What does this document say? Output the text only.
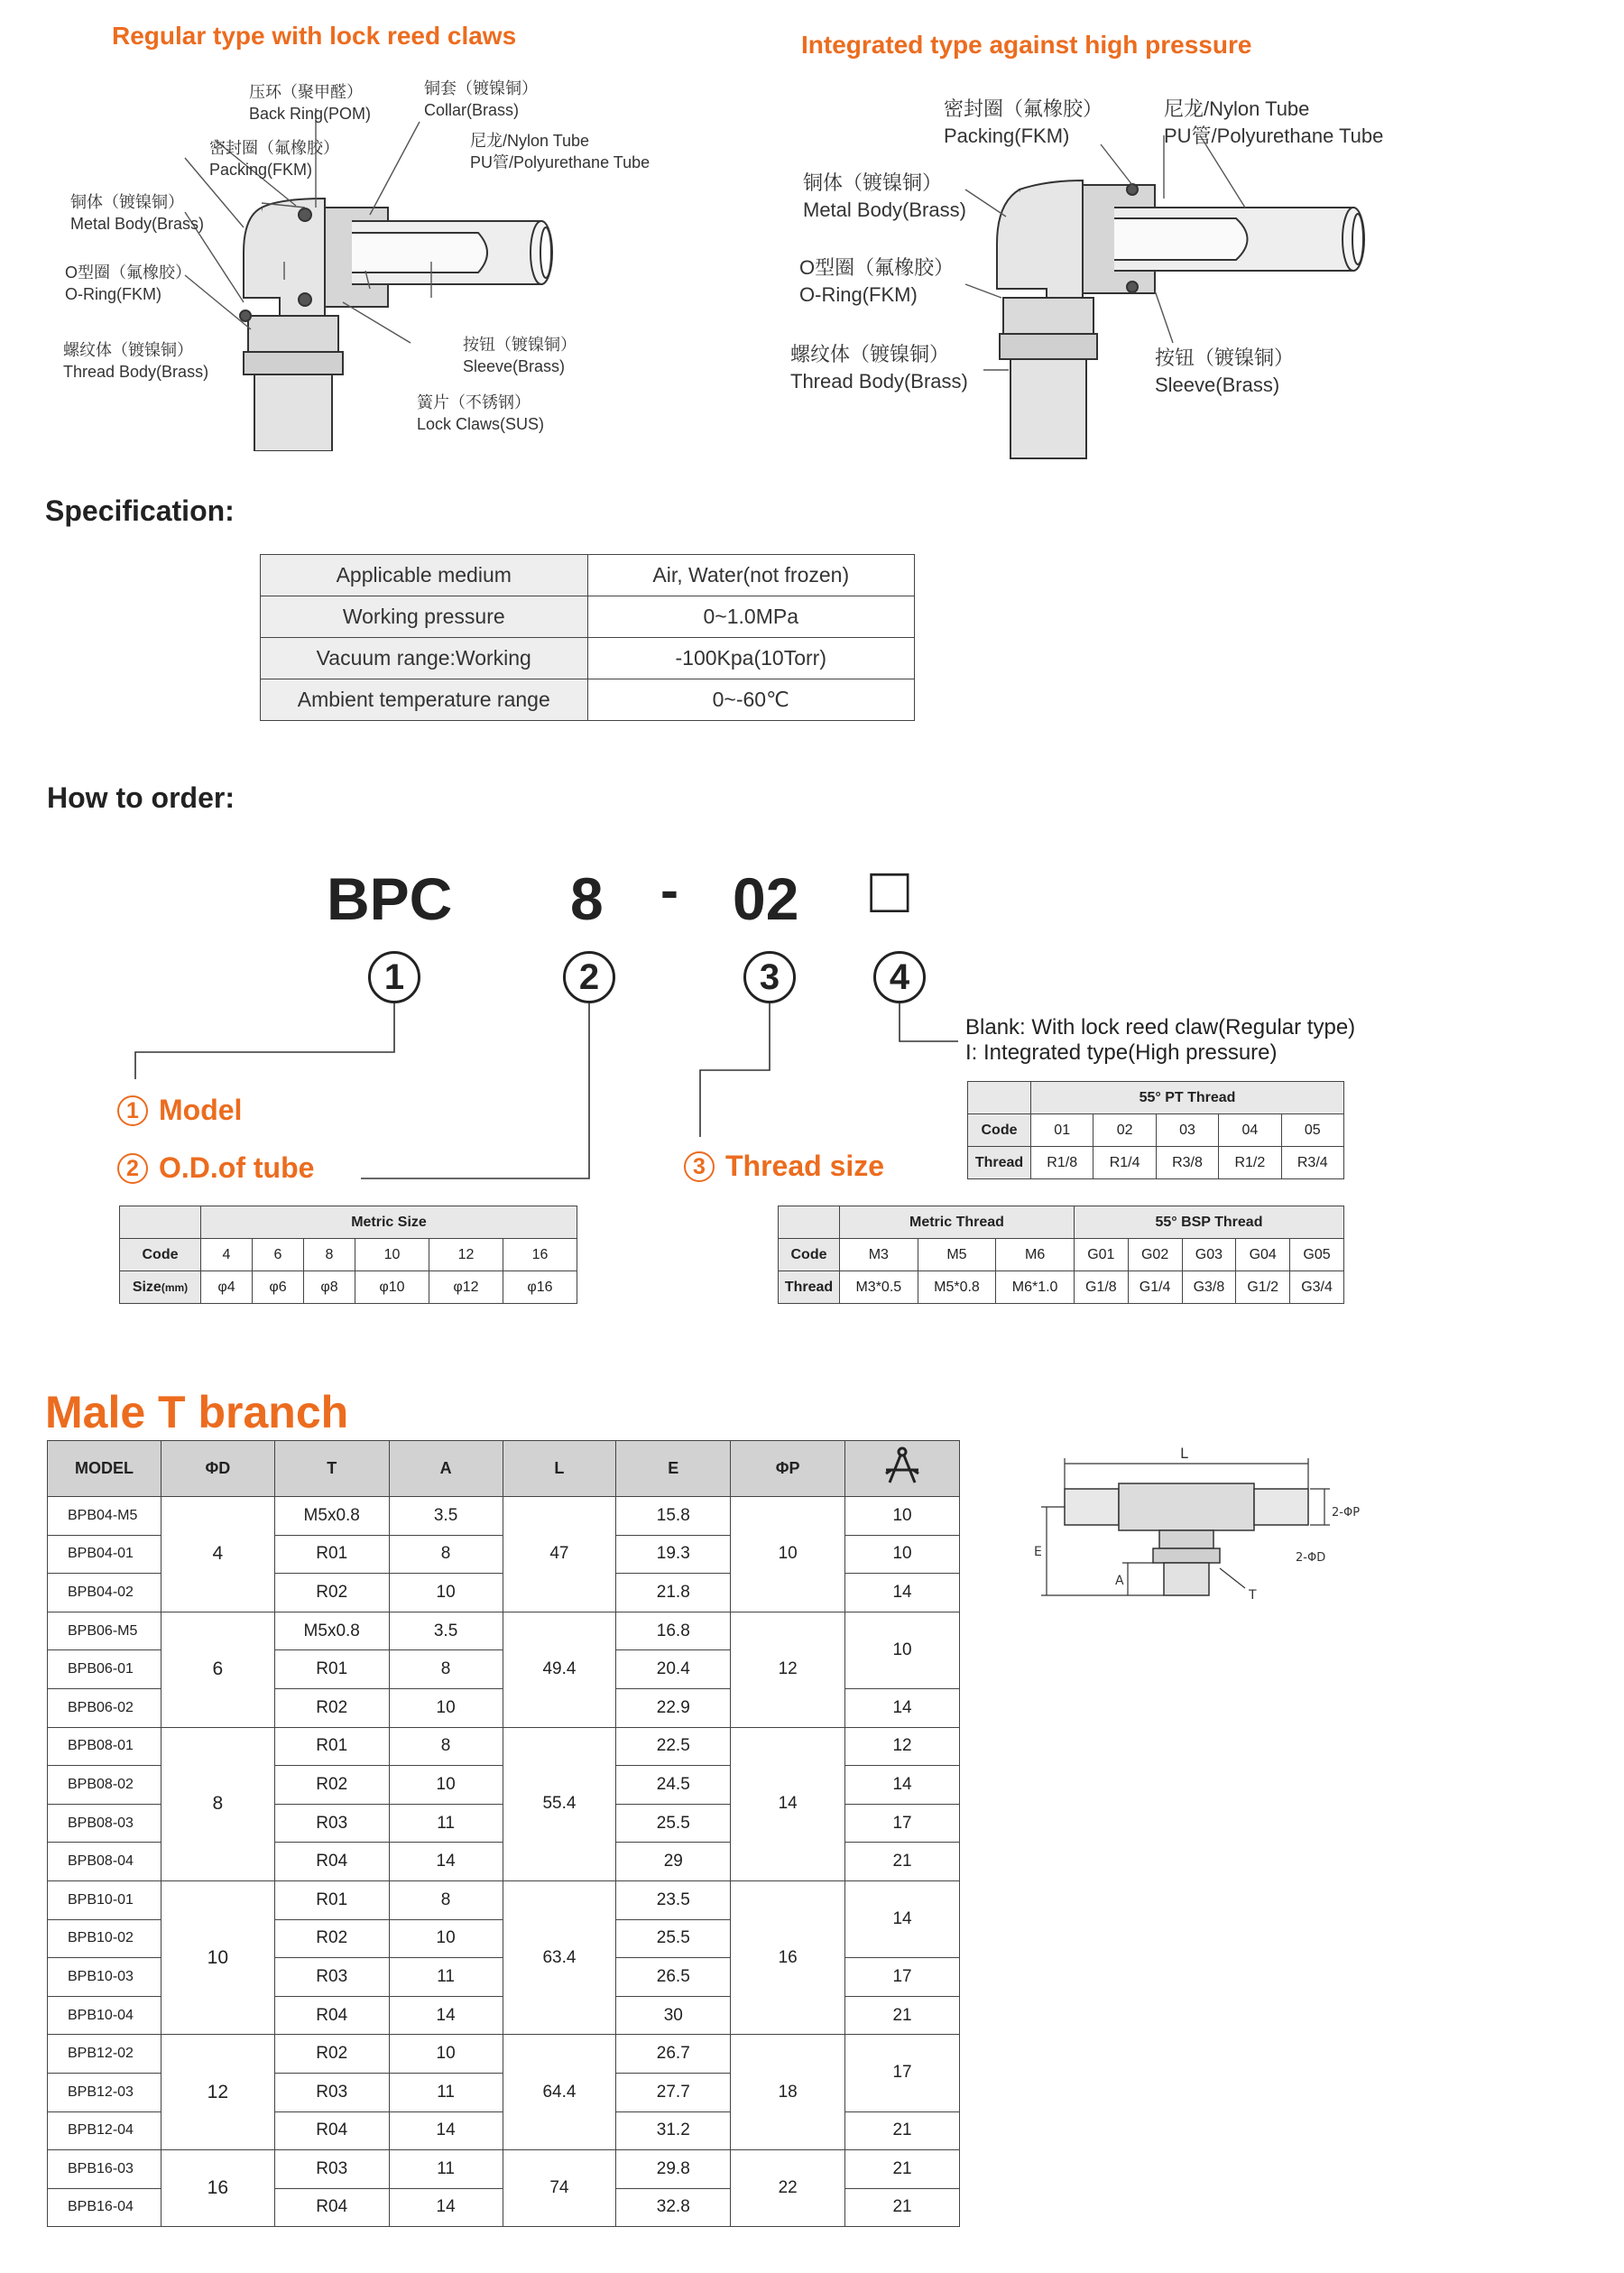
Regular type with lock reed claws	Integrated type against high pressure
压环（聚甲醛）
Back Ring(POM)
铜套（镀镍铜）
Collar(Brass)
密封圈（氟橡胶）
Packing(FKM)
尼龙/Nylon Tube
PU管/Polyurethane Tube
铜体（镀镍铜）
Metal Body(Brass)
O型圈（氟橡胶）
O-Ring(FKM)
按钮（镀镍铜）
Sleeve(Brass)
螺纹体（镀镍铜）
Thread Body(Brass)
簧片（不锈钢）
Lock Claws(SUS)
密封圈（氟橡胶）
Packing(FKM)
尼龙/Nylon Tube
PU管/Polyurethane Tube
铜体（镀镍铜）
Metal Body(Brass)
O型圈（氟橡胶）
O-Ring(FKM)
螺纹体（镀镍铜）
Thread Body(Brass)
按钮（镀镍铜）
Sleeve(Brass)
Specification:
Applicable medium	Air, Water(not frozen)
Working pressure	0~1.0MPa
Vacuum range:Working	-100Kpa(10Torr)
Ambient temperature range	0~-60℃
How to order:
BPC 8 - 02 □
1	2	3	4
Blank: With lock reed claw(Regular type)
I: Integrated type(High pressure)
1 Model
2 O.D.of tube	3 Thread size
	55° PT Thread				
Code	01	02	03	04	05
Thread	R1/8	R1/4	R3/8	R1/2	R3/4
	Metric Size					
Code	4	6	8	10	12	16
Size(mm)	φ4	φ6	φ8	φ10	φ12	φ16
	Metric Thread			55° BSP Thread				
Code	M3	M5	M6	G01	G02	G03	G04	G05
Thread	M3*0.5	M5*0.8	M6*1.0	G1/8	G1/4	G3/8	G1/2	G3/4
Male T branch
MODEL	ΦD	T	A	L	E	ΦP	
BPB04-M5	4	M5x0.8	3.5	47	15.8	10	10
BPB04-01		R01	8		19.3		10
BPB04-02		R02	10		21.8		14
BPB06-M5	6	M5x0.8	3.5	49.4	16.8	12	10
BPB06-01		R01	8		20.4		
BPB06-02		R02	10		22.9		14
BPB08-01	8	R01	8	55.4	22.5	14	12
BPB08-02		R02	10		24.5		14
BPB08-03		R03	11		25.5		17
BPB08-04		R04	14		29		21
BPB10-01	10	R01	8	63.4	23.5	16	14
BPB10-02		R02	10		25.5		
BPB10-03		R03	11		26.5		17
BPB10-04		R04	14		30		21
BPB12-02	12	R02	10	64.4	26.7	18	17
BPB12-03		R03	11		27.7		
BPB12-04		R04	14		31.2		21
BPB16-03	16	R03	11	74	29.8	22	21
BPB16-04		R04	14		32.8		21
L
E
A
T
2-ΦP
2-ΦD
